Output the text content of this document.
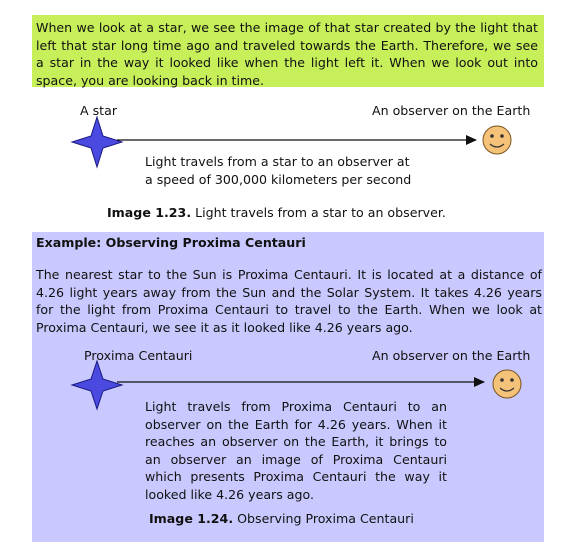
When we look at a star, we see the image of that star created by the light that left that star long time ago and traveled towards the Earth. Therefore, we see a star in the way it looked like when the light left it. When we look out into space, you are looking back in time.
A star	An observer on the Earth
Light travels from a star to an observer at
a speed of 300,000 kilometers per second
Image 1.23. Light travels from a star to an observer.
Example: Observing Proxima Centauri
The nearest star to the Sun is Proxima Centauri. It is located at a distance of 4.26 light years away from the Sun and the Solar System. It takes 4.26 years for the light from Proxima Centauri to travel to the Earth. When we look at Proxima Centauri, we see it as it looked like 4.26 years ago.
Proxima Centauri	An observer on the Earth
Light travels from Proxima Centauri to an observer on the Earth for 4.26 years. When it reaches an observer on the Earth, it brings to an observer an image of Proxima Centauri which presents Proxima Centauri the way it looked like 4.26 years ago.
Image 1.24. Observing Proxima Centauri
